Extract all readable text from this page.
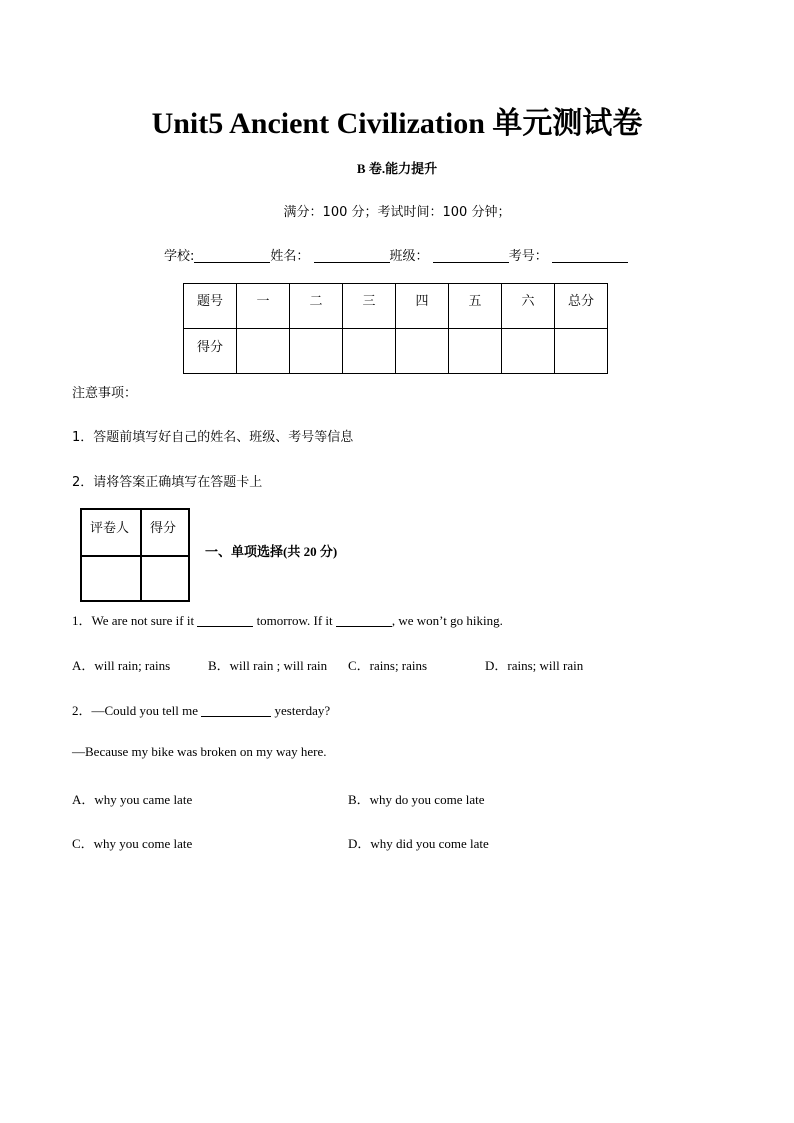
Unit5 Ancient Civilization 单元测试卷
B 卷.能力提升
满分：100 分；考试时间：100 分钟；
学校:	姓名：	班级：	考号：
题号	一	二	三	四	五	六	总分
得分							
注意事项：
1．答题前填写好自己的姓名、班级、考号等信息
2．请将答案正确填写在答题卡上
评卷人	得分

一、单项选择(共 20 分)
1．We are not sure if it	tomorrow. If it	, we won’t go hiking.
A．will rain; rains	B．will rain ; will rain C．rains; rains	D．rains; will rain
2．—Could you tell me	yesterday?
—Because my bike was broken on my way here.
A．why you came late	B．why do you come late
C．why you come late	D．why did you come late
